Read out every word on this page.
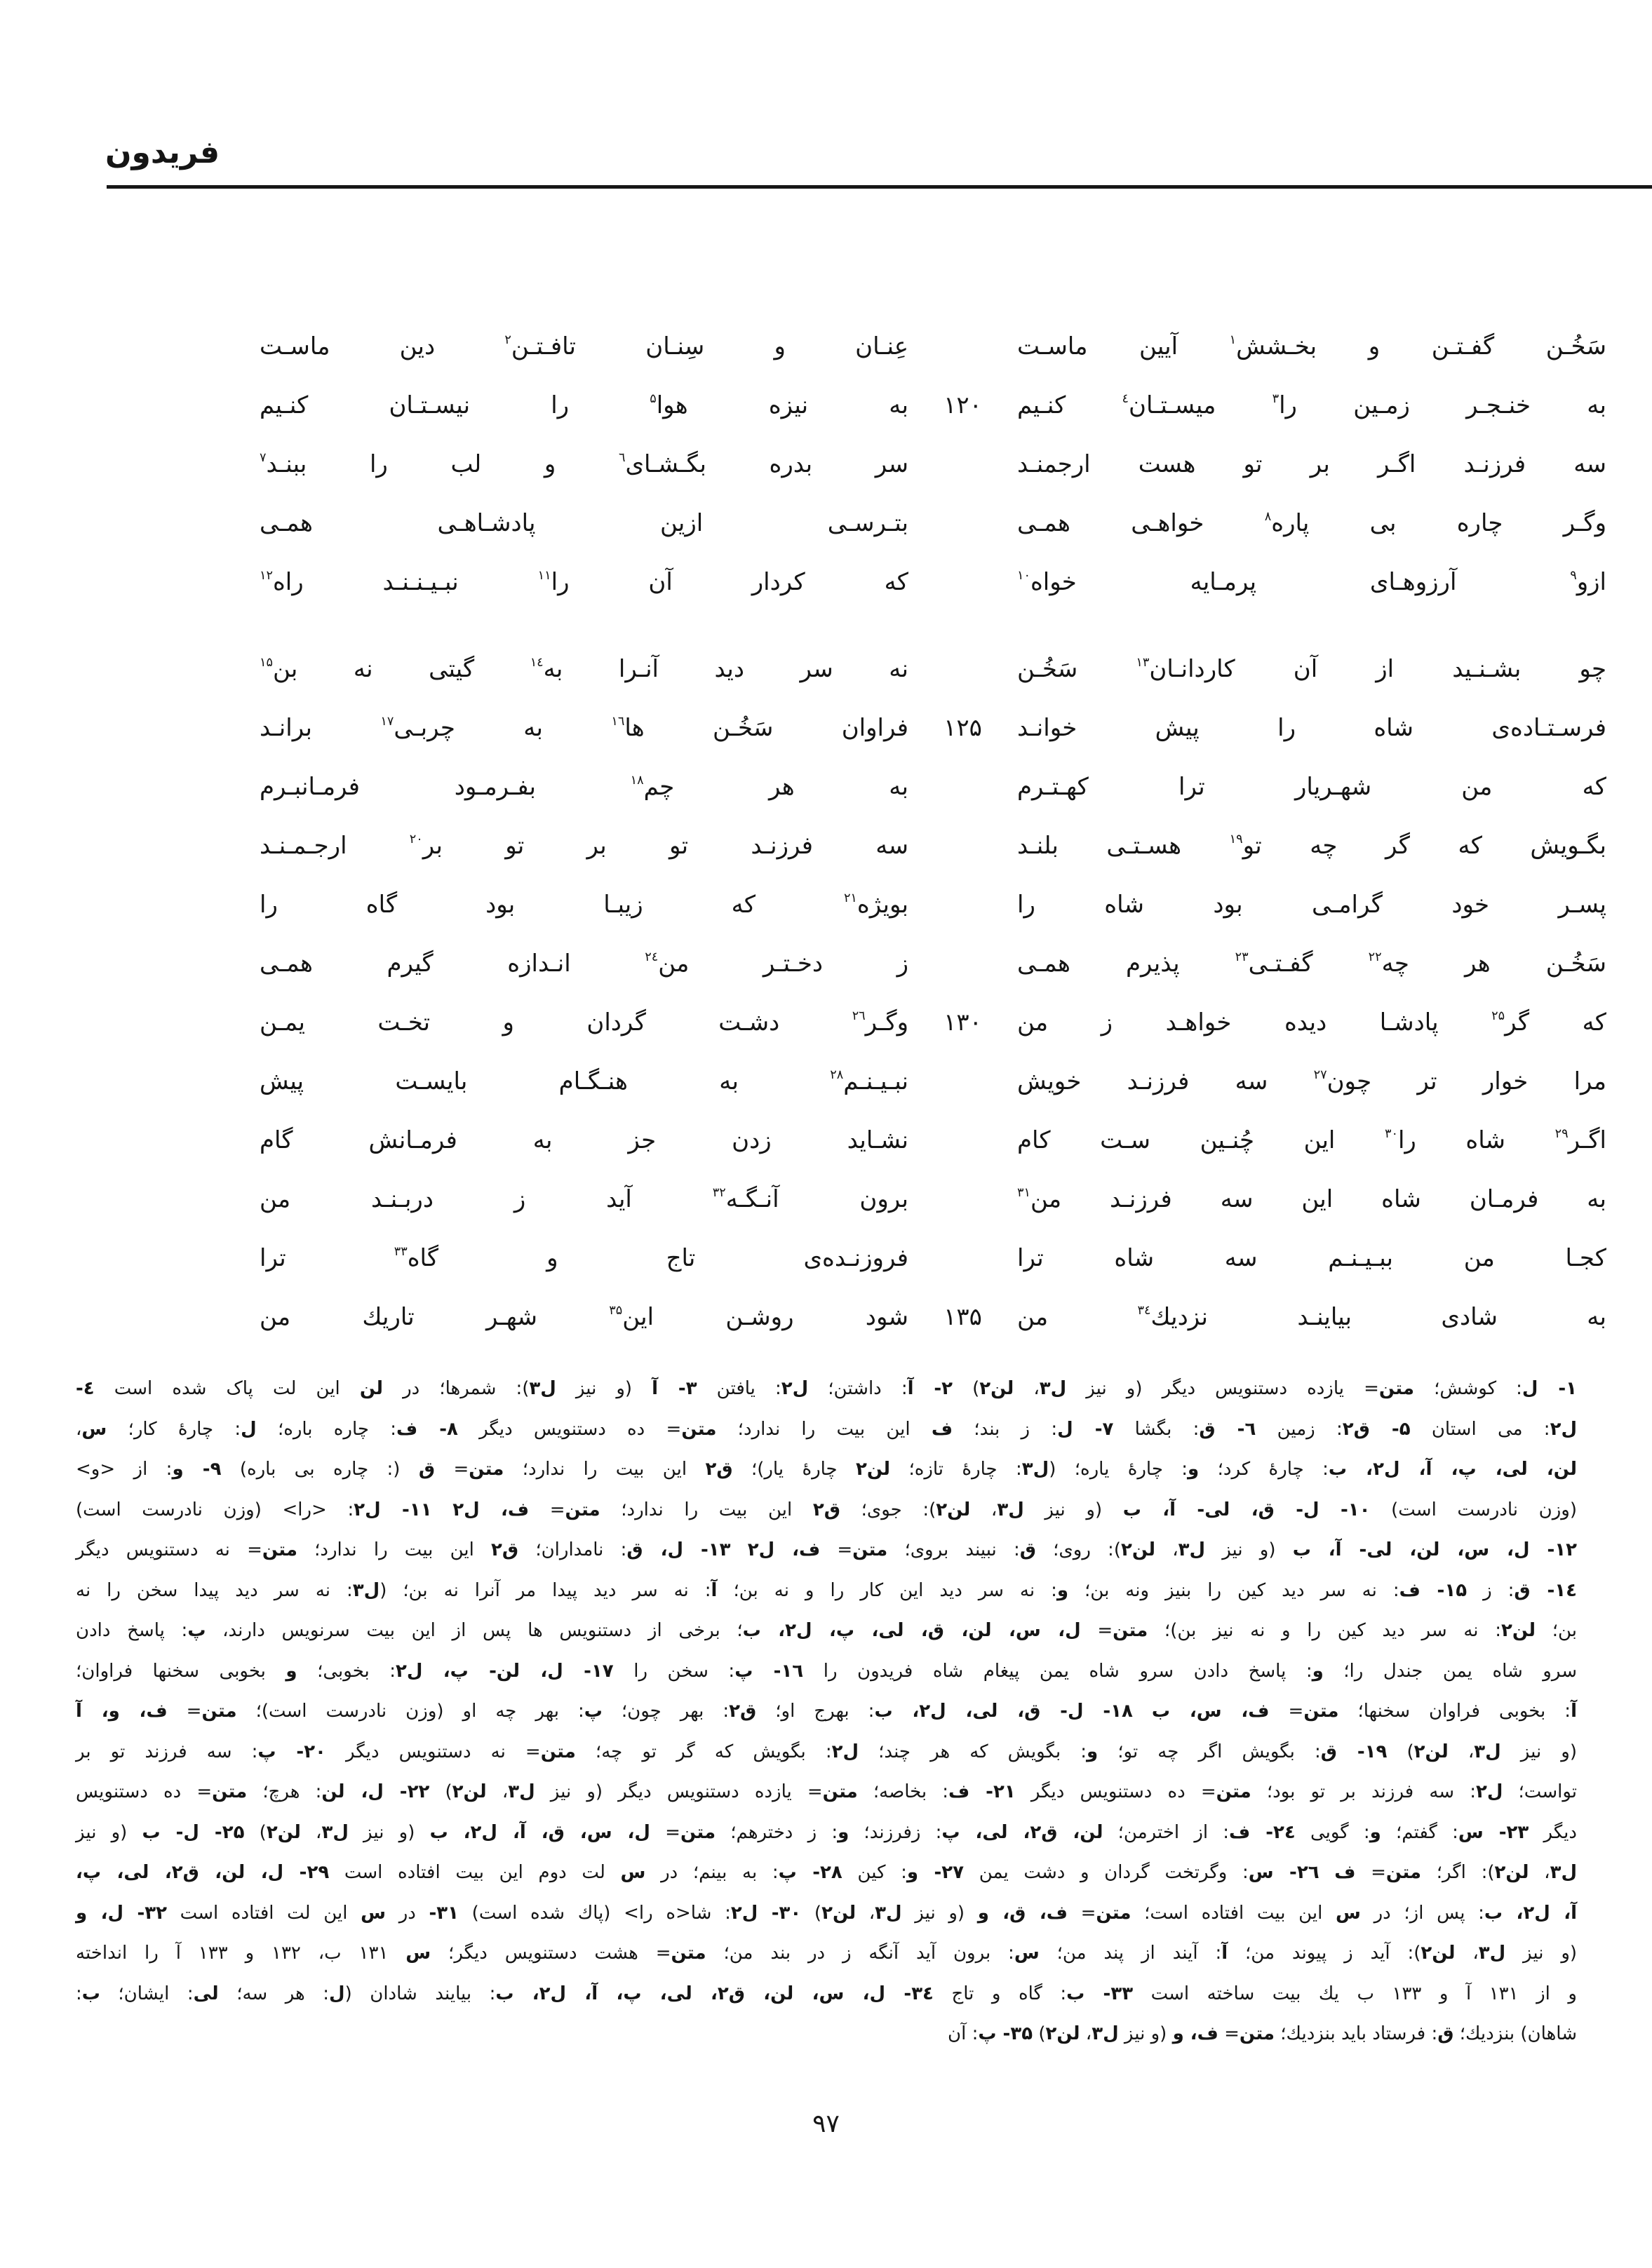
فریدون
سَخُـن گفـتـن و بخـشش$^۱$ آیین ماسـت
عِنـان و سِنـان تافـتـن$^۲$ دین ماسـت
به خنـجـر زمـین را$^۳$ میسـتـان$^٤$ کنـیم
۱۲۰
به نیزه هوا$^۵$ را نیسـتـان کنـیم
سه فرزنـد اگـر بر تو هست ارجمنـد
سر بدره بگـشـای$^٦$ و لب را ببنـد$^۷$
وگـر چاره بی پاره$^۸$ خواهـی همـی
بتـرسـی ازین پادشـاهـی همـی
ازو$^۹$ آرزوهـای پرمـایه خواه$^{۱۰}$
که کردار آن را$^{۱۱}$ نبـیـنـنـد راه$^{۱۲}$
چو بشـنـید از آن کاردانـان$^{۱۳}$ سَخُـن
نه سر دید آنـرا به$^{۱٤}$ گیتی نه بن$^{۱۵}$
فرسـتـاده‌ی شاه را پیش خوانـد
۱۲۵
فراوان سَخُـن ها$^{۱٦}$ به چربـی$^{۱۷}$ برانـد
که من شهـریار ترا کهـتـرم
به هر چم$^{۱۸}$ بفـرمـود فرمـانبـرم
بگـویش که گر چه تو$^{۱۹}$ هسـتـی بلنـد
سه فرزنـد تو بر تو بر$^{۲۰}$ ارجـمـنـد
پسـر خود گرامـی بود شاه را
بویژه$^{۲۱}$ که زیبـا بود گاه را
سَخُـن هر چه$^{۲۲}$ گفـتـی$^{۲۳}$ پذیرم همـی
ز دخـتـر من$^{۲٤}$ انـدازه گیرم همـی
که گر$^{۲۵}$ پادشـا دیده خواهـد ز من
۱۳۰
وگـر$^{۲٦}$ دشـت گردان و تخـت یمـن
مرا خوار تر چون$^{۲۷}$ سه فرزنـد خویش
نبـیـنـم$^{۲۸}$ به هنـگـام بایسـت پیش
اگـر$^{۲۹}$ شاه را$^{۳۰}$ این چُنـین سـت کام
نشـاید زدن جز به فرمـانش گام
به فرمـان شاه این سه فرزنـد من$^{۳۱}$
برون آنـگـه$^{۳۲}$ آید ز دربـنـد من
کجـا من ببـیـنـم سه شاه ترا
فروزنـده‌ی تاج و گاه$^{۳۳}$ ترا
به شادی بیاینـد نزدیك$^{۳٤}$ من
۱۳۵
شود روشـن این$^{۳۵}$ شهـر تاریك من
۱- ل: کوشش؛ متن= یازده دستنویس دیگر (و نیز ل۳، لن۲) ۲- آ: داشتن؛ ل۲: یافتن ۳- آ (و نیز ل۳): شمرها؛ در لن این لت پاک شده است ٤-
ل۲: می استان ۵- ق۲: زمین ٦- ق: بگشا ۷- ل: ز بند؛ ف این بیت را ندارد؛ متن= ده دستنویس دیگر ۸- ف: چاره باره؛ ل: چارهٔ کار؛ س،
لن، لی، پ، آ، ل۲، ب: چارهٔ کرد؛ و: چارهٔ یاره؛ (ل۳: چارهٔ تازه؛ لن۲ چارهٔ یار)؛ ق۲ این بیت را ندارد؛ متن= ق (: چاره بی باره) ۹- و: از <و>
(وزن نادرست است) ۱۰- ل- ق، لی- آ، ب (و نیز ل۳، لن۲): جوی؛ ق۲ این بیت را ندارد؛ متن= ف، ل۲ ۱۱- ل۲: <را> (وزن نادرست است)
۱۲- ل، س، لن، لی- آ، ب (و نیز ل۳، لن۲): روی؛ ق: نبیند بروی؛ متن= ف، ل۲ ۱۳- ل، ق: نامداران؛ ق۲ این بیت را ندارد؛ متن= نه دستنویس دیگر
۱٤- ق: ز ۱۵- ف: نه سر دید کین را بنیز ونه بن؛ و: نه سر دید این کار را و نه بن؛ آ: نه سر دید پیدا مر آنرا نه بن؛ (ل۳: نه سر دید پیدا سخن را نه
بن؛ لن۲: نه سر دید کین را و نه نیز بن)؛ متن= ل، س، لن، ق، لی، پ، ل۲، ب؛ برخی از دستنویس ها پس از این بیت سرنویس دارند، پ: پاسخ دادن
سرو شاه یمن جندل را؛ و: پاسخ دادن سرو شاه یمن پیغام شاه فریدون را ۱٦- پ: سخن را ۱۷- ل، لن- پ، ل۲: بخوبی؛ و بخوبی سخنها فراوان؛
آ: بخوبی فراوان سخنها؛ متن= ف، س، ب ۱۸- ل- ق، لی، ل۲، ب: بهرج او؛ ق۲: بهر چون؛ پ: بهر چه او (وزن نادرست است)؛ متن= ف، و، آ
(و نیز ل۳، لن۲) ۱۹- ق: بگویش اگر چه تو؛ و: بگویش که هر چند؛ ل۲: بگویش که گر تو چه؛ متن= نه دستنویس دیگر ۲۰- پ: سه فرزند تو بر
تواست؛ ل۲: سه فرزند بر تو بود؛ متن= ده دستنویس دیگر ۲۱- ف: بخاصه؛ متن= یازده دستنویس دیگر (و نیز ل۳، لن۲) ۲۲- ل، لن: هرچ؛ متن= ده دستنویس
دیگر ۲۳- س: گفتم؛ و: گویی ۲٤- ف: از اخترمن؛ لن، ق۲، لی، پ: زفرزند؛ و: ز دخترهم؛ متن= ل، س، ق، آ، ل۲، ب (و نیز ل۳، لن۲) ۲۵- ل- ب (و نیز
ل۳، لن۲): اگر؛ متن= ف ۲٦- س: وگرتخت گردان و دشت یمن ۲۷- و: کین ۲۸- پ: به بینم؛ در س لت دوم این بیت افتاده است ۲۹- ل، لن، ق۲، لی، پ،
آ، ل۲، ب: پس از؛ در س این بیت افتاده است؛ متن= ف، ق، و (و نیز ل۳، لن۲) ۳۰- ل۲: شا<ه را> (پاك شده است) ۳۱- در س این لت افتاده است ۳۲- ل، و
(و نیز ل۳، لن۲): آید ز پیوند من؛ آ: آیند از پند من؛ س: برون آید آنگه ز در بند من؛ متن= هشت دستنویس دیگر؛ س ۱۳۱ ب، ۱۳۲ و ۱۳۳ آ را انداخته
و از ۱۳۱ آ و ۱۳۳ ب یك بیت ساخته است ۳۳- ب: گاه و تاج ۳٤- ل، س، لن، ق۲، لی، پ، آ، ل۲، ب: بیایند شادان (ل: هر سه؛ لی: ایشان؛ ب:
شاهان) بنزدیك؛ ق: فرستاد باید بنزدیك؛ متن= ف، و (و نیز ل۳، لن۲) ۳۵- پ: آن
۹۷
